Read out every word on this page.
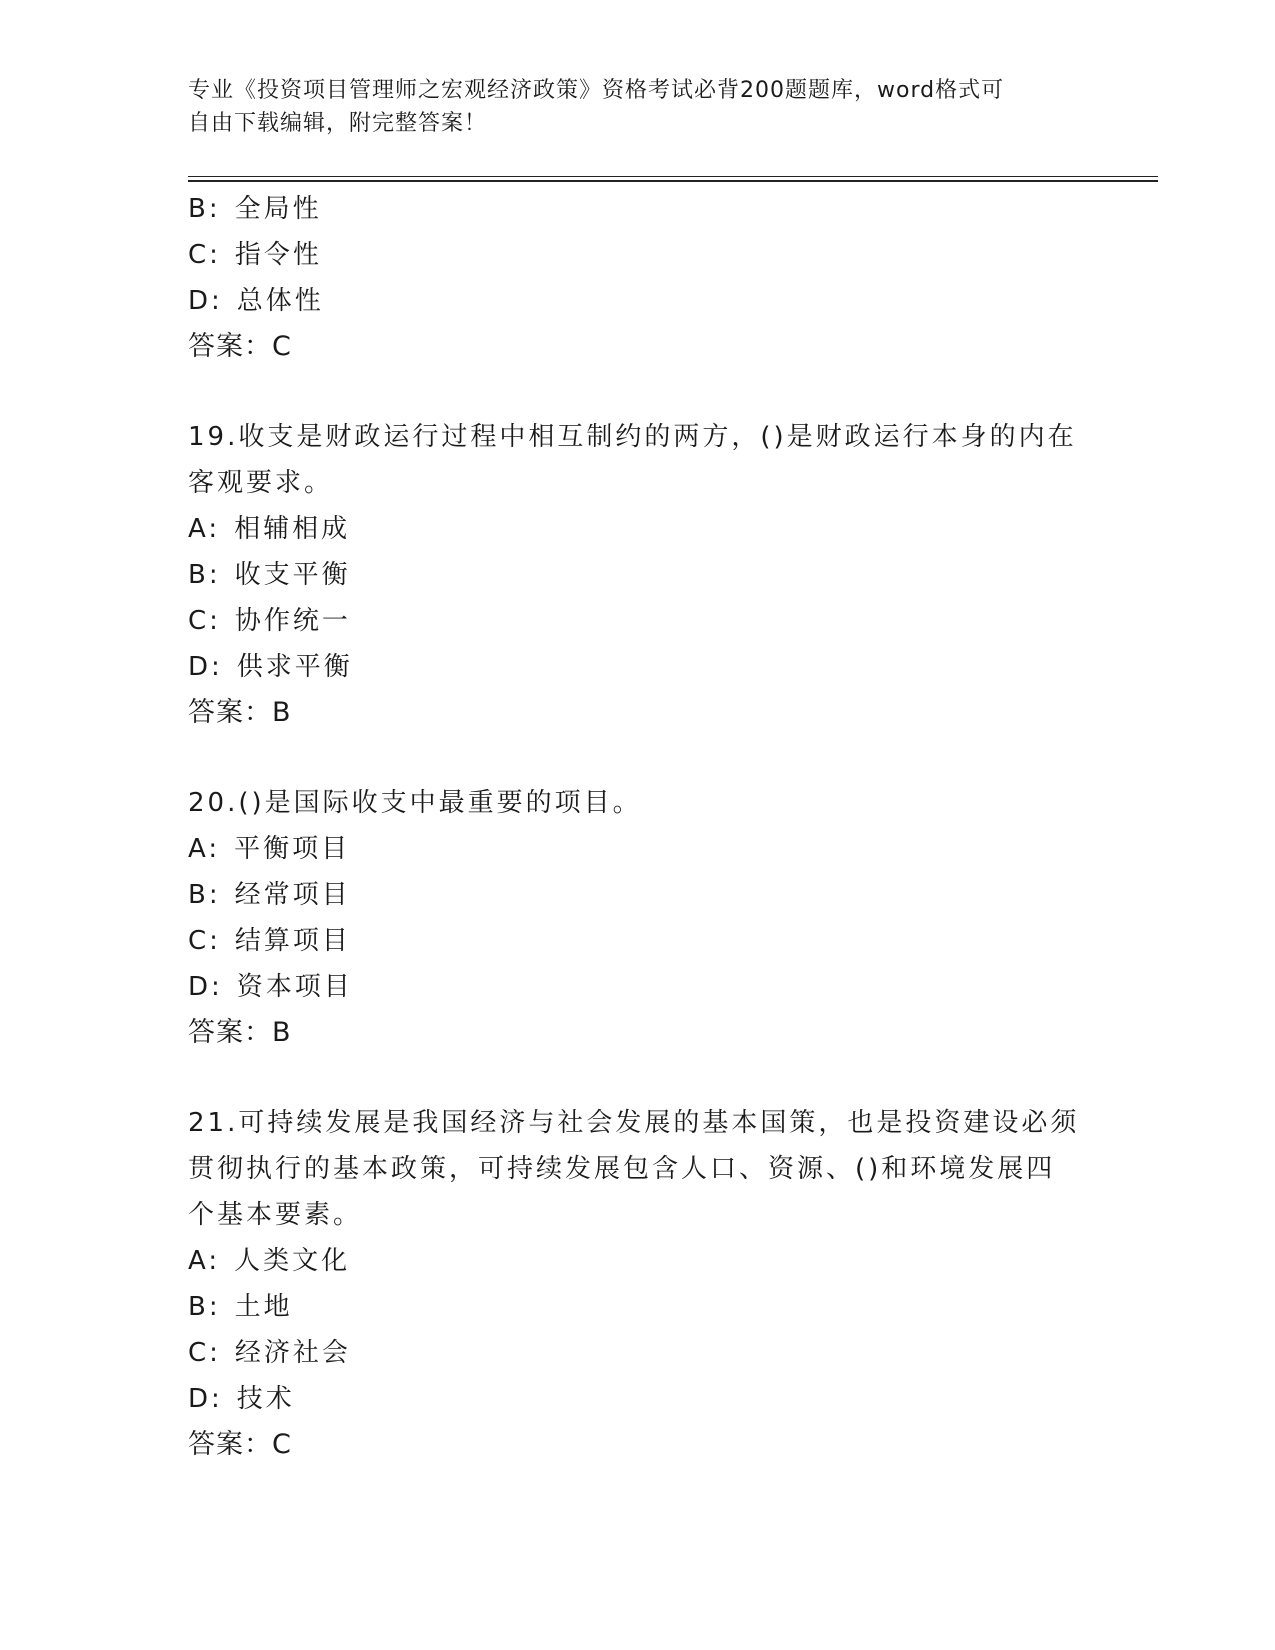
专业《投资项目管理师之宏观经济政策》资格考试必背200题题库，word格式可
自由下载编辑，附完整答案！
B: 全局性
C: 指令性
D: 总体性
答案：C
19.收支是财政运行过程中相互制约的两方，()是财政运行本身的内在
客观要求。
A: 相辅相成
B: 收支平衡
C: 协作统一
D: 供求平衡
答案：B
20.()是国际收支中最重要的项目。
A: 平衡项目
B: 经常项目
C: 结算项目
D: 资本项目
答案：B
21.可持续发展是我国经济与社会发展的基本国策，也是投资建设必须
贯彻执行的基本政策，可持续发展包含人口、资源、()和环境发展四
个基本要素。
A: 人类文化
B: 土地
C: 经济社会
D: 技术
答案：C
